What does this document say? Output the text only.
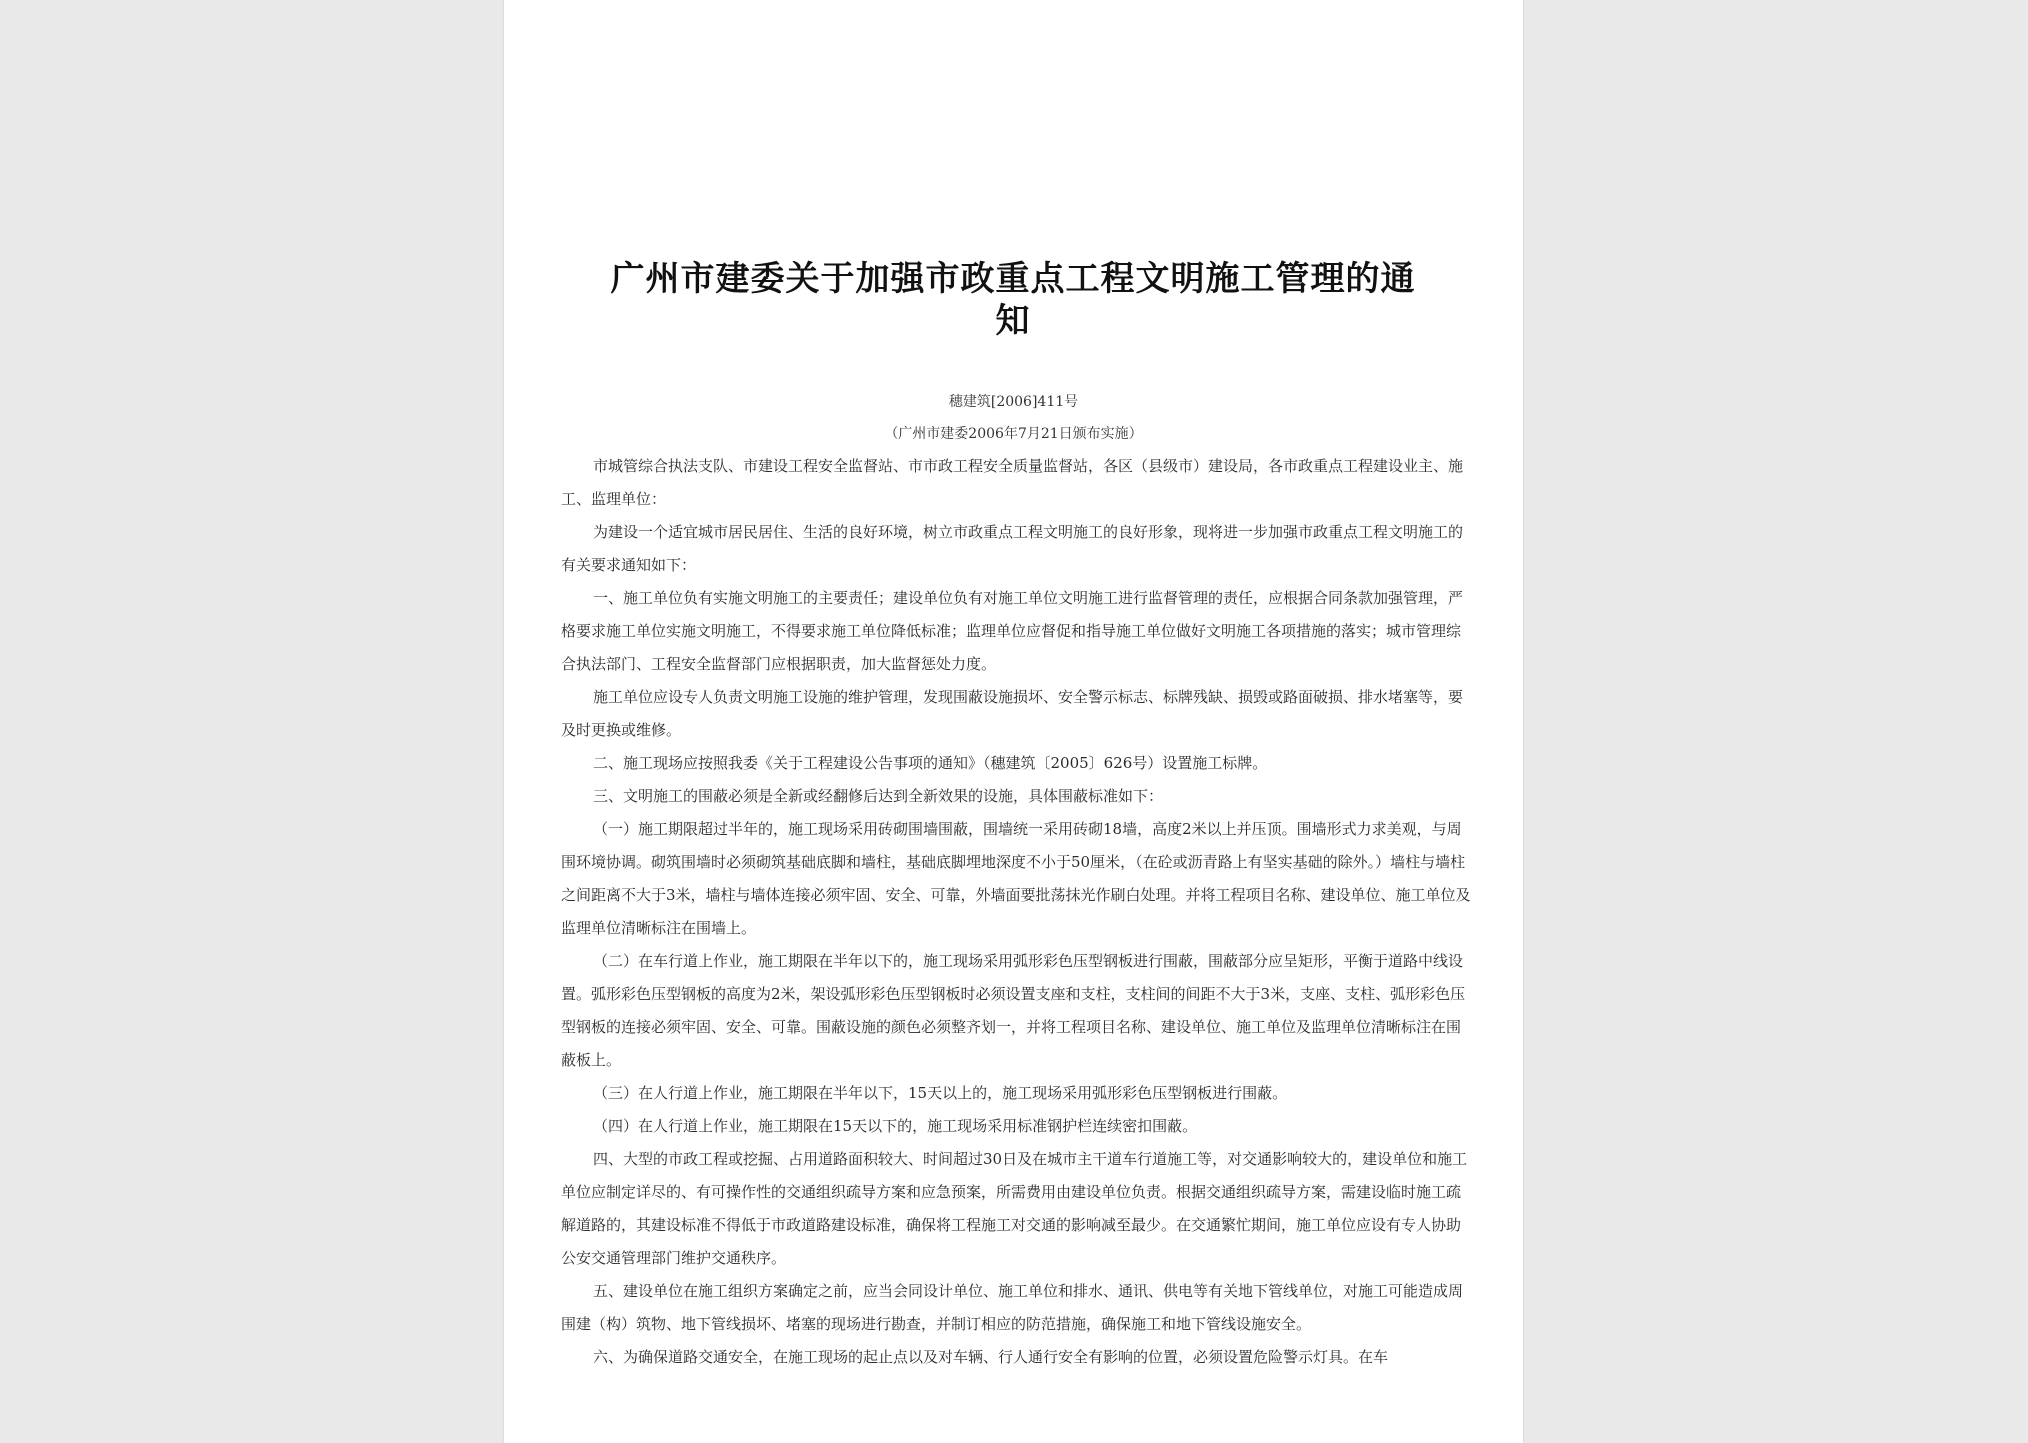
广州市建委关于加强市政重点工程文明施工管理的通知
穗建筑[2006]411号
（广州市建委2006年7月21日颁布实施）

市城管综合执法支队、市建设工程安全监督站、市市政工程安全质量监督站，各区（县级市）建设局，各市政重点工程建设业主、施工、监理单位：

为建设一个适宜城市居民居住、生活的良好环境，树立市政重点工程文明施工的良好形象，现将进一步加强市政重点工程文明施工的有关要求通知如下：

一、施工单位负有实施文明施工的主要责任；建设单位负有对施工单位文明施工进行监督管理的责任，应根据合同条款加强管理，严格要求施工单位实施文明施工，不得要求施工单位降低标准；监理单位应督促和指导施工单位做好文明施工各项措施的落实；城市管理综合执法部门、工程安全监督部门应根据职责，加大监督惩处力度。

施工单位应设专人负责文明施工设施的维护管理，发现围蔽设施损坏、安全警示标志、标牌残缺、损毁或路面破损、排水堵塞等，要及时更换或维修。

二、施工现场应按照我委《关于工程建设公告事项的通知》（穗建筑〔2005〕626号）设置施工标牌。

三、文明施工的围蔽必须是全新或经翻修后达到全新效果的设施，具体围蔽标准如下：

（一）施工期限超过半年的，施工现场采用砖砌围墙围蔽，围墙统一采用砖砌18墙，高度2米以上并压顶。围墙形式力求美观，与周围环境协调。砌筑围墙时必须砌筑基础底脚和墙柱，基础底脚埋地深度不小于50厘米，（在砼或沥青路上有坚实基础的除外。）墙柱与墙柱之间距离不大于3米，墙柱与墙体连接必须牢固、安全、可靠，外墙面要批荡抹光作刷白处理。并将工程项目名称、建设单位、施工单位及监理单位清晰标注在围墙上。

（二）在车行道上作业，施工期限在半年以下的，施工现场采用弧形彩色压型钢板进行围蔽，围蔽部分应呈矩形，平衡于道路中线设置。弧形彩色压型钢板的高度为2米，架设弧形彩色压型钢板时必须设置支座和支柱，支柱间的间距不大于3米，支座、支柱、弧形彩色压型钢板的连接必须牢固、安全、可靠。围蔽设施的颜色必须整齐划一，并将工程项目名称、建设单位、施工单位及监理单位清晰标注在围蔽板上。

（三）在人行道上作业，施工期限在半年以下，15天以上的，施工现场采用弧形彩色压型钢板进行围蔽。

（四）在人行道上作业，施工期限在15天以下的，施工现场采用标准钢护栏连续密扣围蔽。

四、大型的市政工程或挖掘、占用道路面积较大、时间超过30日及在城市主干道车行道施工等，对交通影响较大的，建设单位和施工单位应制定详尽的、有可操作性的交通组织疏导方案和应急预案，所需费用由建设单位负责。根据交通组织疏导方案，需建设临时施工疏解道路的，其建设标准不得低于市政道路建设标准，确保将工程施工对交通的影响减至最少。在交通繁忙期间，施工单位应设有专人协助公安交通管理部门维护交通秩序。

五、建设单位在施工组织方案确定之前，应当会同设计单位、施工单位和排水、通讯、供电等有关地下管线单位，对施工可能造成周围建（构）筑物、地下管线损坏、堵塞的现场进行勘查，并制订相应的防范措施，确保施工和地下管线设施安全。

六、为确保道路交通安全，在施工现场的起止点以及对车辆、行人通行安全有影响的位置，必须设置危险警示灯具。在车
